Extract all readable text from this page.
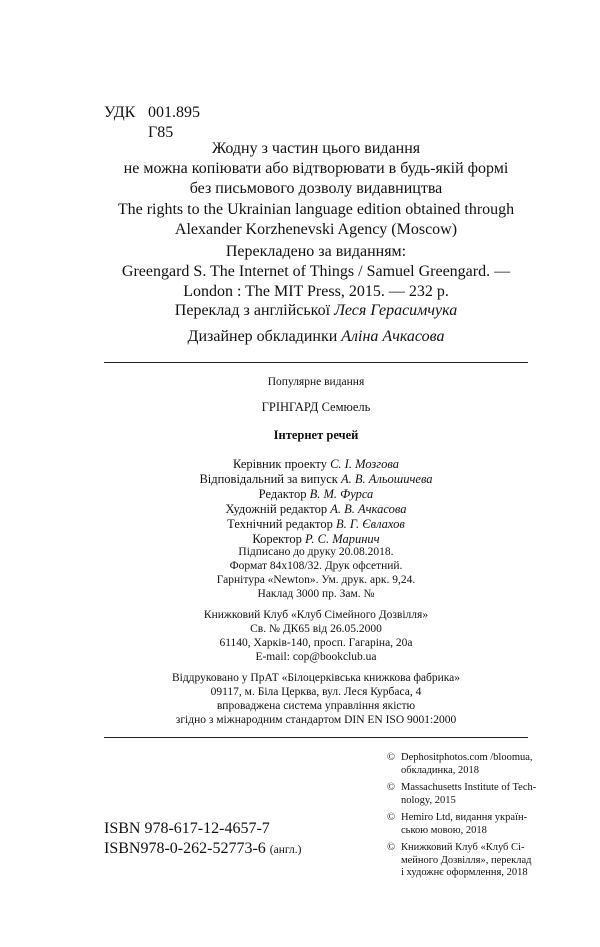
УДК 001.895
Г85
Жодну з частин цього видання
не можна копіювати або відтворювати в будь-якій формі
без письмового дозволу видавництва
The rights to the Ukrainian language edition obtained through
Alexander Korzhenevski Agency (Moscow)
Перекладено за виданням:
Greengard S. The Internet of Things / Samuel Greengard. —
London : The MIT Press, 2015. — 232 p.
Переклад з англійської Леся Герасимчука
Дизайнер обкладинки Аліна Ачкасова
Популярне видання
ГРІНГАРД Семюель
Інтернет речей
Керівник проекту С. І. Мозгова
Відповідальний за випуск А. В. Альошичева
Редактор В. М. Фурса
Художній редактор А. В. Ачкасова
Технічний редактор В. Г. Євлахов
Коректор Р. С. Маринич
Підписано до друку 20.08.2018.
Формат 84х108/32. Друк офсетний.
Гарнітура «Newton». Ум. друк. арк. 9,24.
Наклад 3000 пр. Зам. №
Книжковий Клуб «Клуб Сімейного Дозвілля»
Св. № ДК65 від 26.05.2000
61140, Харків-140, просп. Гагаріна, 20а
E-mail: cop@bookclub.ua
Віддруковано у ПрАТ «Білоцерківська книжкова фабрика»
09117, м. Біла Церква, вул. Леся Курбаса, 4
впроваджена система управління якістю
згідно з міжнародним стандартом DIN EN ISO 9001:2000
© Dephositphotos.com /bloomua,
обкладинка, 2018
© Massachusetts Institute of Tech-
nology, 2015
© Hemiro Ltd, видання україн-
ською мовою, 2018
© Книжковий Клуб «Клуб Сі-
мейного Дозвілля», переклад
і художнє оформлення, 2018
ISBN 978-617-12-4657-7
ISBN978-0-262-52773-6 (англ.)
